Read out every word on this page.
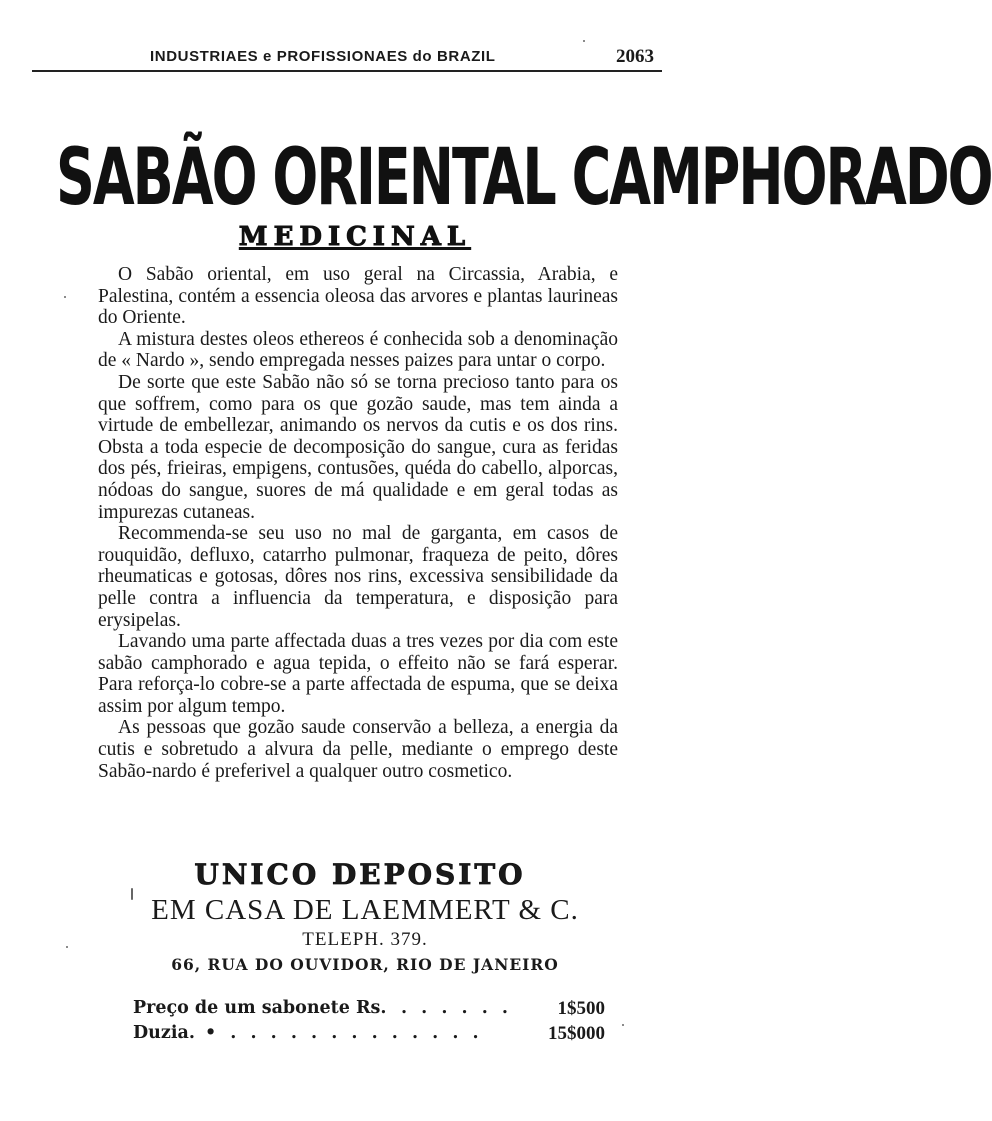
INDUSTRIAES e PROFISSIONAES do BRAZIL	2063
SABÃO ORIENTAL CAMPHORADO
MEDICINAL

O Sabão oriental, em uso geral na Circassia, Arabia, e Palestina, contém a essencia oleosa das arvores e plantas laurineas do Oriente.

A mistura destes oleos ethereos é conhecida sob a denominação de « Nardo », sendo empregada nesses paizes para untar o corpo.

De sorte que este Sabão não só se torna precioso tanto para os que soffrem, como para os que gozão saude, mas tem ainda a virtude de embellezar, animando os nervos da cutis e os dos rins. Obsta a toda especie de decomposição do sangue, cura as feridas dos pés, frieiras, empigens, contusões, quéda do cabello, alporcas, nódoas do sangue, suores de má qualidade e em geral todas as impurezas cutaneas.

Recommenda-se seu uso no mal de garganta, em casos de rouquidão, defluxo, catarrho pulmonar, fraqueza de peito, dôres rheumaticas e gotosas, dôres nos rins, excessiva sensibilidade da pelle contra a influencia da temperatura, e disposição para erysipelas.

Lavando uma parte affectada duas a tres vezes por dia com este sabão camphorado e agua tepida, o effeito não se fará esperar. Para reforça-lo cobre-se a parte affectada de espuma, que se deixa assim por algum tempo.

As pessoas que gozão saude conservão a belleza, a energia da cutis e sobretudo a alvura da pelle, mediante o emprego deste Sabão-nardo é preferivel a qualquer outro cosmetico.

UNICO DEPOSITO
EM CASA DE LAEMMERT & C.
TELEPH. 379.
66, RUA DO OUVIDOR, RIO DE JANEIRO
Preço de um sabonete Rs. . . . . . . 1$500
Duzia. • . . . . . . . . . . . . .	15$000
